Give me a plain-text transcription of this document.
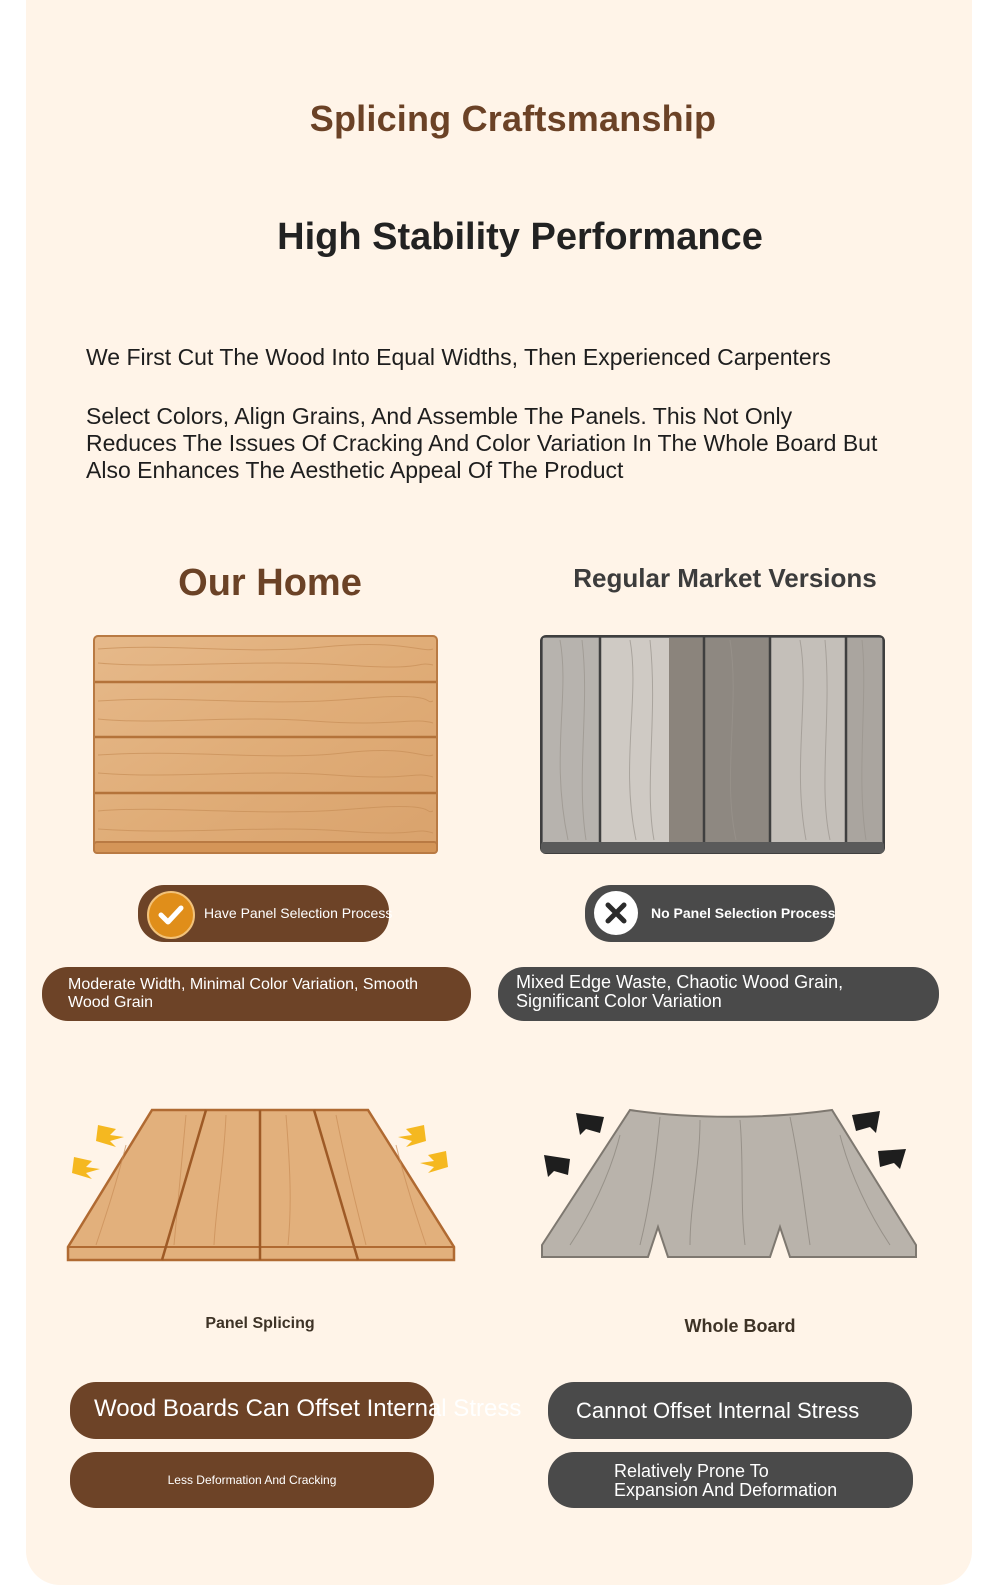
Splicing Craftsmanship
High Stability Performance
We First Cut The Wood Into Equal Widths, Then Experienced Carpenters
Select Colors, Align Grains, And Assemble The Panels. This Not Only Reduces The Issues Of Cracking And Color Variation In The Whole Board But Also Enhances The Aesthetic Appeal Of The Product
Our Home	Regular Market Versions
Have Panel Selection Process	No Panel Selection Process
Moderate Width, Minimal Color Variation, Smooth Wood Grain
Mixed Edge Waste, Chaotic Wood Grain, Significant Color Variation
Panel Splicing	Whole Board
Wood Boards Can Offset Internal Stress
Less Deformation And Cracking
Cannot Offset Internal Stress
Relatively Prone To Expansion And Deformation
